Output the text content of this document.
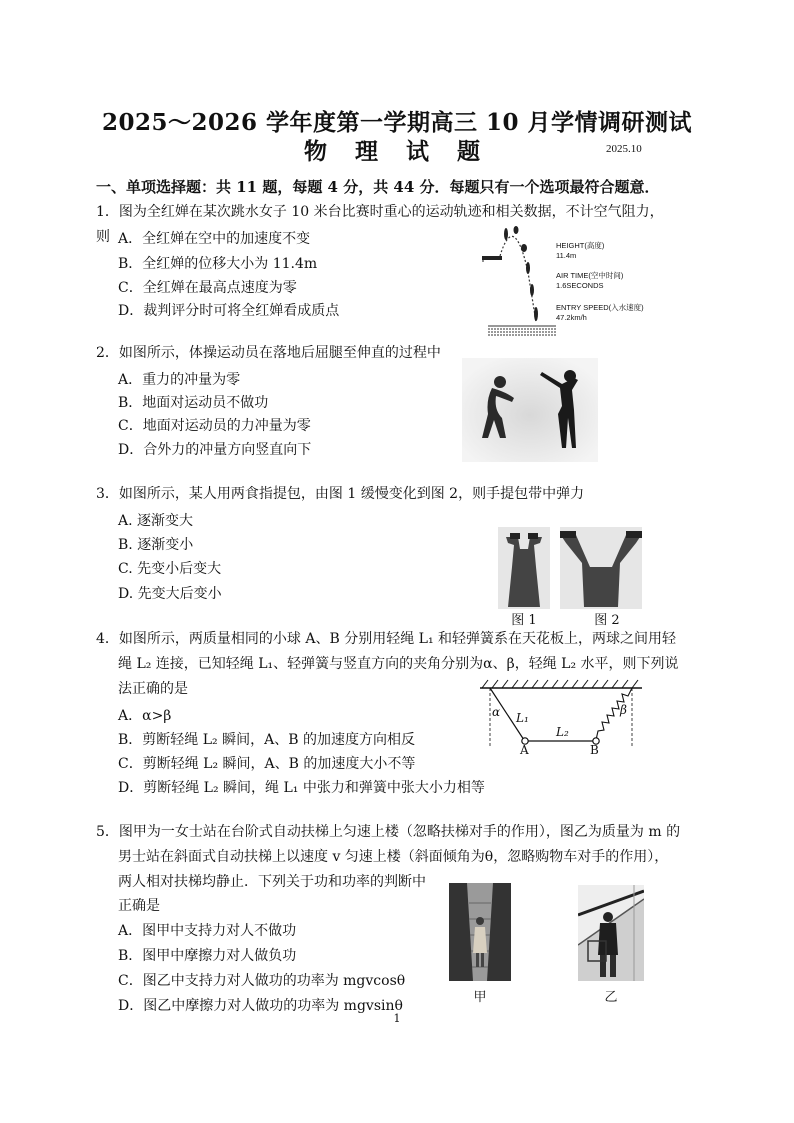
2025～2026 学年度第一学期高三 10 月学情调研测试
物 理 试 题	2025.10
一、单项选择题：共 11 题，每题 4 分，共 44 分．每题只有一个选项最符合题意．
1．图为全红婵在某次跳水女子 10 米台比赛时重心的运动轨迹和相关数据，不计空气阻力，则 A．全红婵在空中的加速度不变
B．全红婵的位移大小为 11.4m
C．全红婵在最高点速度为零
D．裁判评分时可将全红婵看成质点
HEIGHT(高度)
11.4m
AIR TIME(空中时间)
1.6SECONDS
ENTRY SPEED(入水速度)
47.2km/h
2．如图所示，体操运动员在落地后屈腿至伸直的过程中
A．重力的冲量为零
B．地面对运动员不做功
C．地面对运动员的力冲量为零
D．合外力的冲量方向竖直向下
3．如图所示，某人用两食指提包，由图 1 缓慢变化到图 2，则手提包带中弹力
A. 逐渐变大
B. 逐渐变小
C. 先变小后变大
D. 先变大后变小
图 1	图 2
4．如图所示，两质量相同的小球 A、B 分别用轻绳 L₁ 和轻弹簧系在天花板上，两球之间用轻
绳 L₂ 连接，已知轻绳 L₁、轻弹簧与竖直方向的夹角分别为α、β，轻绳 L₂ 水平，则下列说
法正确的是
A．α>β
B．剪断轻绳 L₂ 瞬间，A、B 的加速度方向相反
C．剪断轻绳 L₂ 瞬间，A、B 的加速度大小不等
D．剪断轻绳 L₂ 瞬间，绳 L₁ 中张力和弹簧中张大小力相等
α	β
L₁
L₂
A	B
5．图甲为一女士站在台阶式自动扶梯上匀速上楼（忽略扶梯对手的作用），图乙为质量为 m 的
男士站在斜面式自动扶梯上以速度 v 匀速上楼（斜面倾角为θ，忽略购物车对手的作用），
两人相对扶梯均静止．下列关于功和功率的判断中
正确是
A．图甲中支持力对人不做功
B．图甲中摩擦力对人做负功
C．图乙中支持力对人做功的功率为 mgvcosθ
D．图乙中摩擦力对人做功的功率为 mgvsinθ
甲	乙
1
